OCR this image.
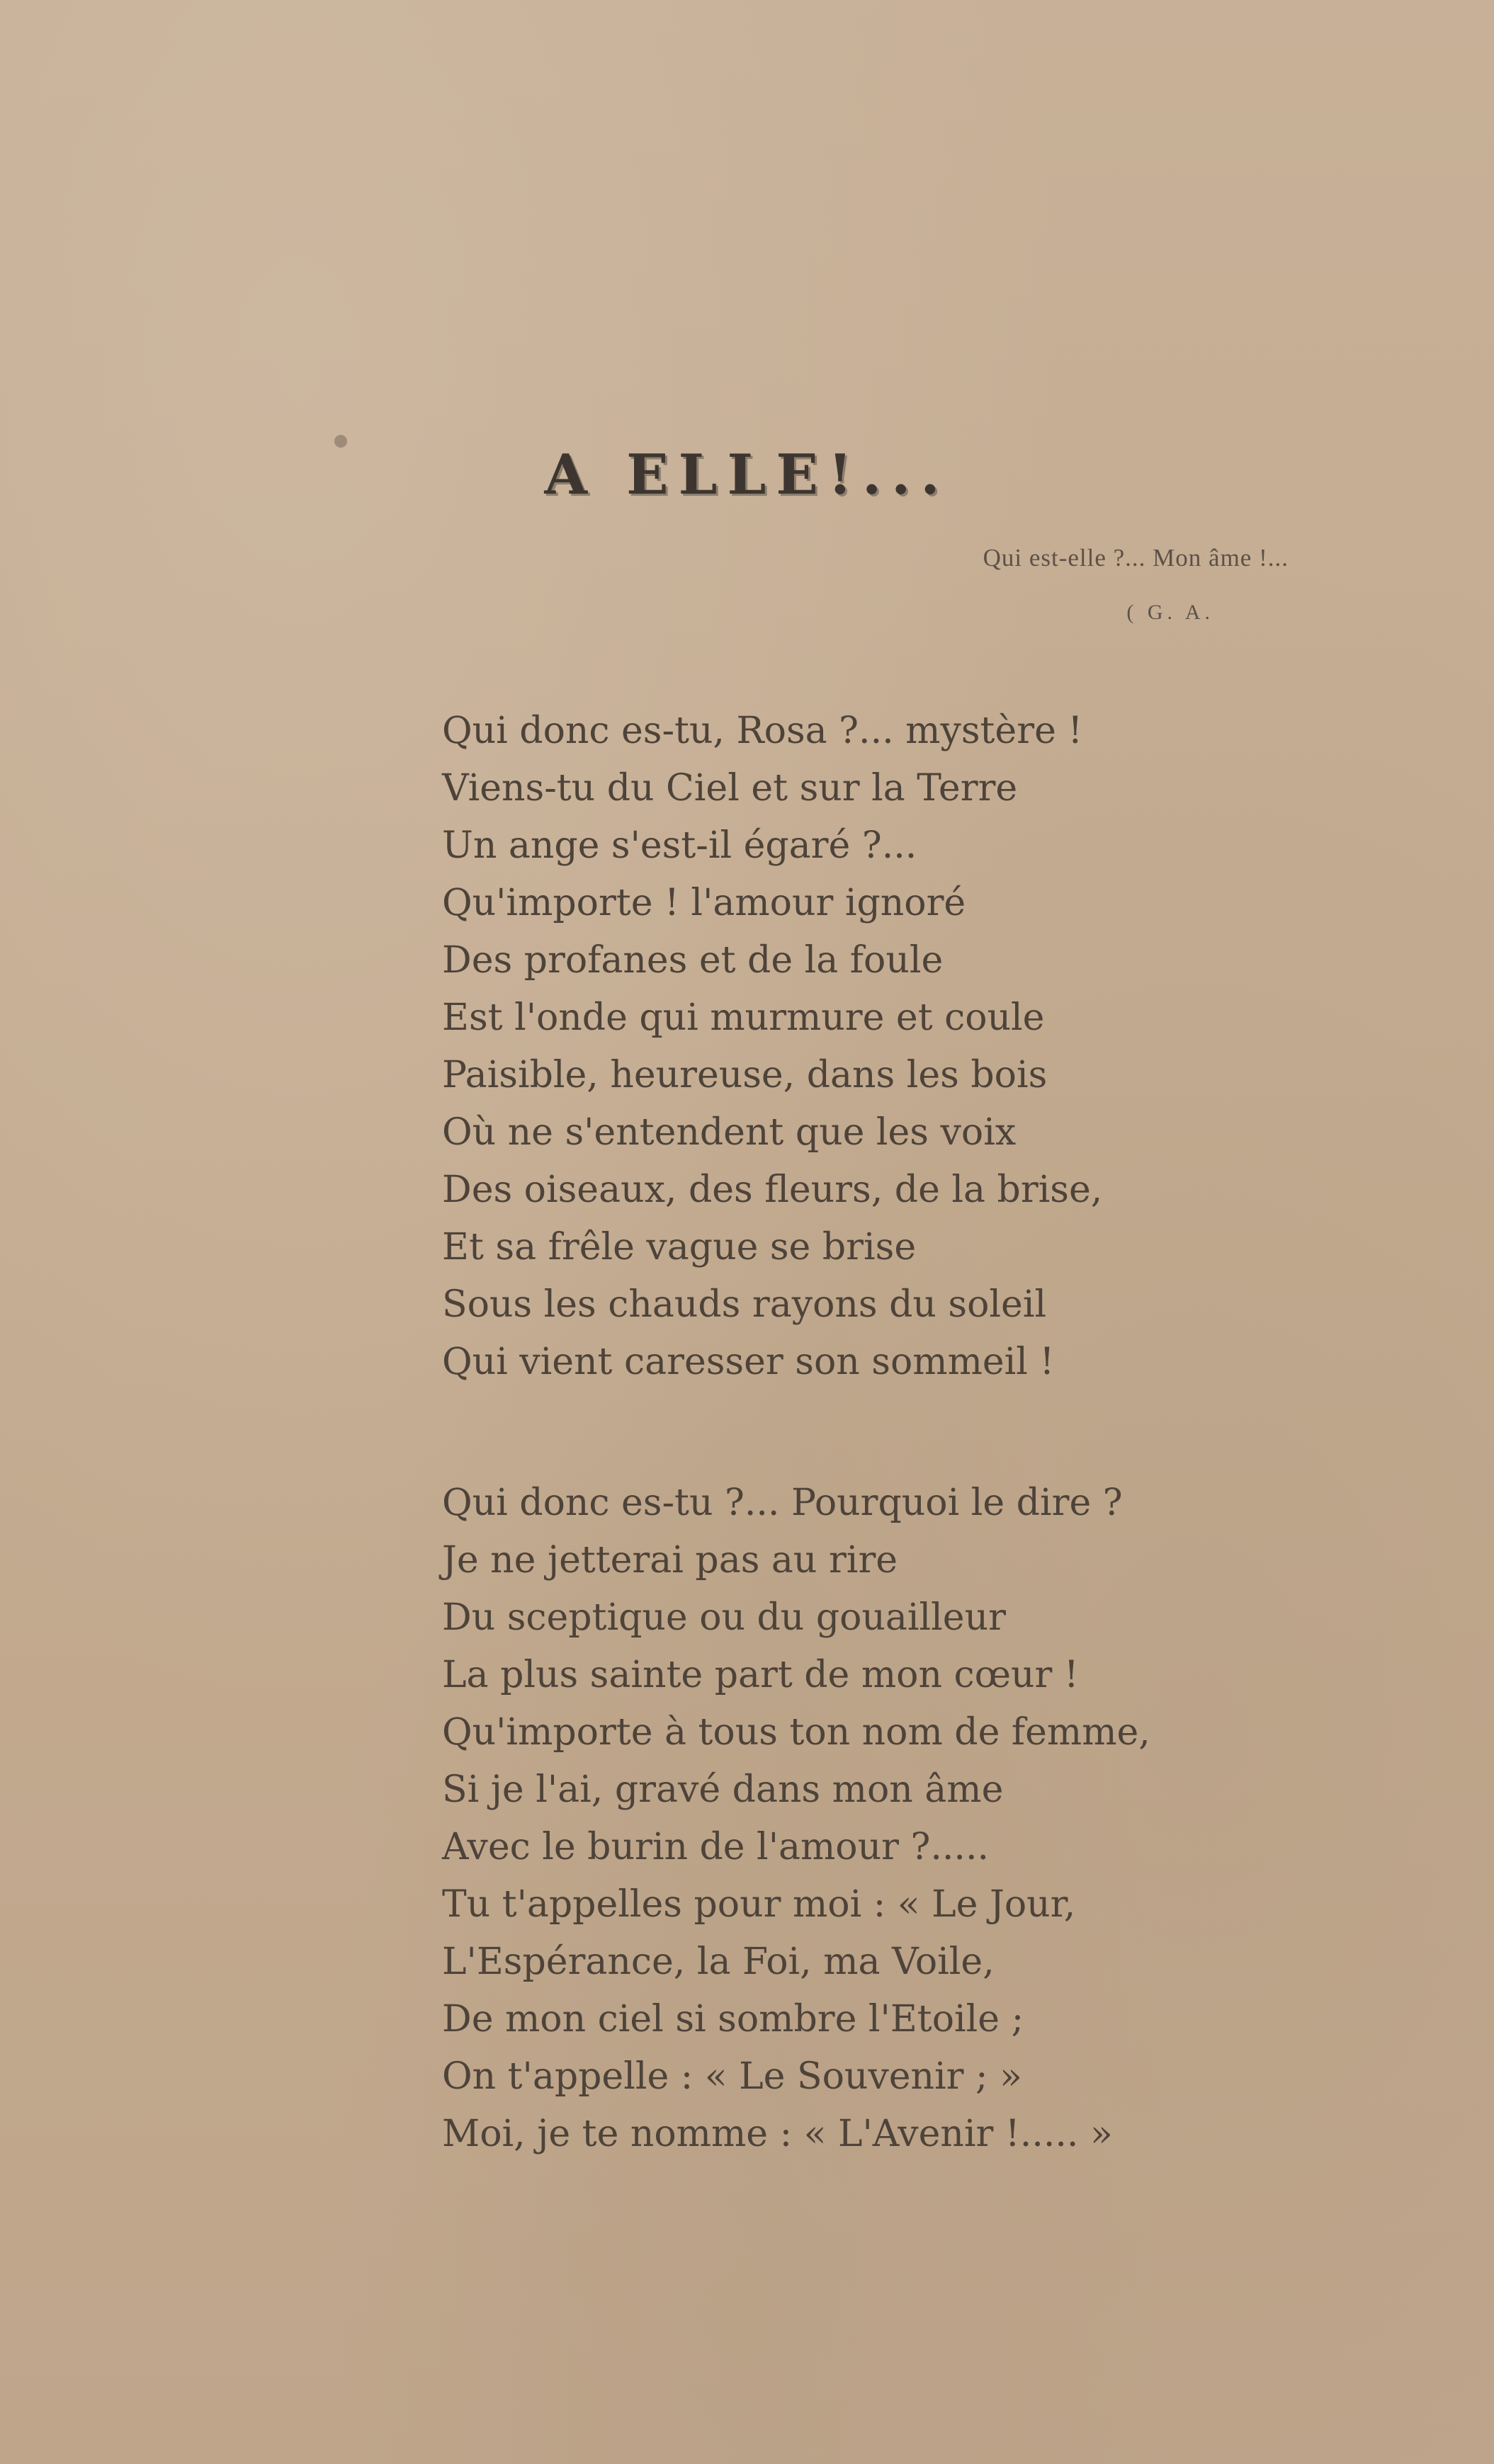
A ELLE!...
Qui est-elle ?... Mon âme !...
( G. A.
Qui donc es-tu, Rosa ?... mystère !
Viens-tu du Ciel et sur la Terre
Un ange s'est-il égaré ?...
Qu'importe ! l'amour ignoré
Des profanes et de la foule
Est l'onde qui murmure et coule
Paisible, heureuse, dans les bois
Où ne s'entendent que les voix
Des oiseaux, des fleurs, de la brise,
Et sa frêle vague se brise
Sous les chauds rayons du soleil
Qui vient caresser son sommeil !
Qui donc es-tu ?... Pourquoi le dire ?
Je ne jetterai pas au rire
Du sceptique ou du gouailleur
La plus sainte part de mon cœur !
Qu'importe à tous ton nom de femme,
Si je l'ai, gravé dans mon âme
Avec le burin de l'amour ?.....
Tu t'appelles pour moi : « Le Jour,
L'Espérance, la Foi, ma Voile,
De mon ciel si sombre l'Etoile ;
On t'appelle : « Le Souvenir ; »
Moi, je te nomme : « L'Avenir !..... »
